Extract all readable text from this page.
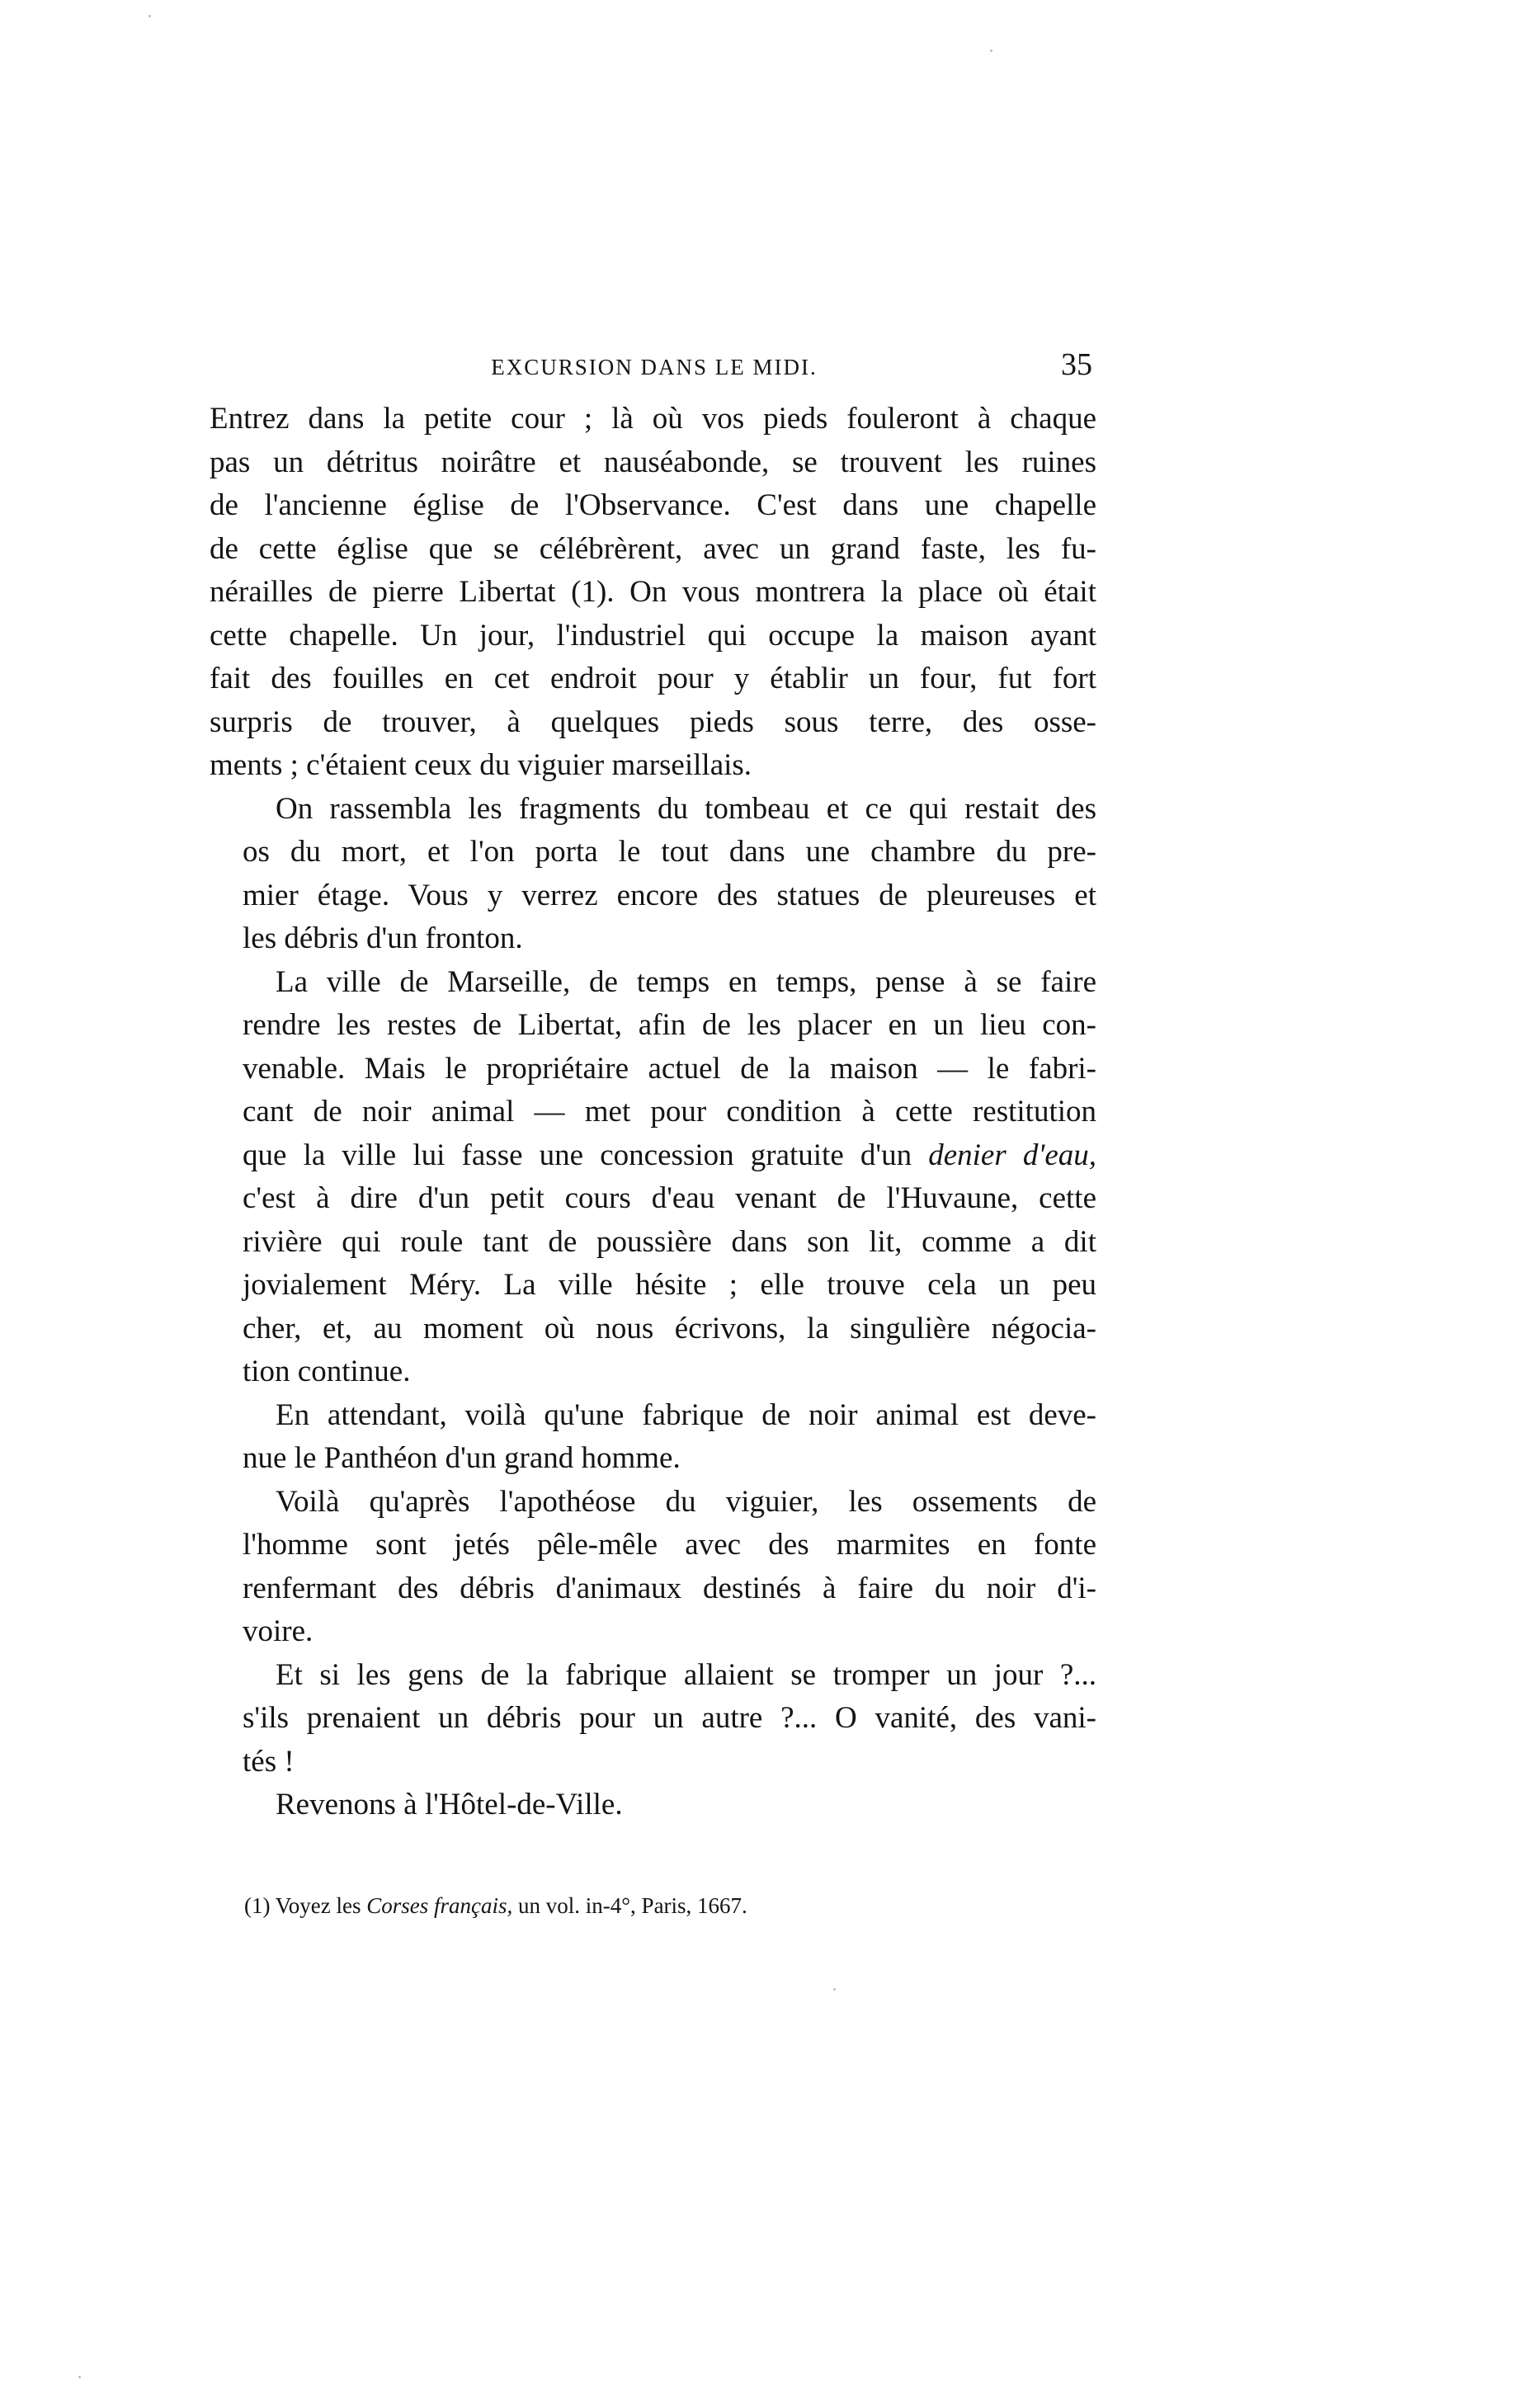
EXCURSION DANS LE MIDI.	35

Entrez dans la petite cour ; là où vos pieds fouleront à chaque
pas un détritus noirâtre et nauséabonde, se trouvent les ruines
de l'ancienne église de l'Observance. C'est dans une chapelle
de cette église que se célébrèrent, avec un grand faste, les fu-
nérailles de pierre Libertat (1). On vous montrera la place où était
cette chapelle. Un jour, l'industriel qui occupe la maison ayant
fait des fouilles en cet endroit pour y établir un four, fut fort
surpris de trouver, à quelques pieds sous terre, des osse-
ments ; c'étaient ceux du viguier marseillais.

On rassembla les fragments du tombeau et ce qui restait des
os du mort, et l'on porta le tout dans une chambre du pre-
mier étage. Vous y verrez encore des statues de pleureuses et
les débris d'un fronton.

La ville de Marseille, de temps en temps, pense à se faire
rendre les restes de Libertat, afin de les placer en un lieu con-
venable. Mais le propriétaire actuel de la maison — le fabri-
cant de noir animal — met pour condition à cette restitution
que la ville lui fasse une concession gratuite d'un denier d'eau,
c'est à dire d'un petit cours d'eau venant de l'Huvaune, cette
rivière qui roule tant de poussière dans son lit, comme a dit
jovialement Méry. La ville hésite ; elle trouve cela un peu
cher, et, au moment où nous écrivons, la singulière négocia-
tion continue.

En attendant, voilà qu'une fabrique de noir animal est deve-
nue le Panthéon d'un grand homme.

Voilà qu'après l'apothéose du viguier, les ossements de
l'homme sont jetés pêle-mêle avec des marmites en fonte
renfermant des débris d'animaux destinés à faire du noir d'i-
voire.

Et si les gens de la fabrique allaient se tromper un jour ?...
s'ils prenaient un débris pour un autre ?... O vanité, des vani-
tés !

Revenons à l'Hôtel-de-Ville.

(1) Voyez les Corses français, un vol. in-4°, Paris, 1667.
